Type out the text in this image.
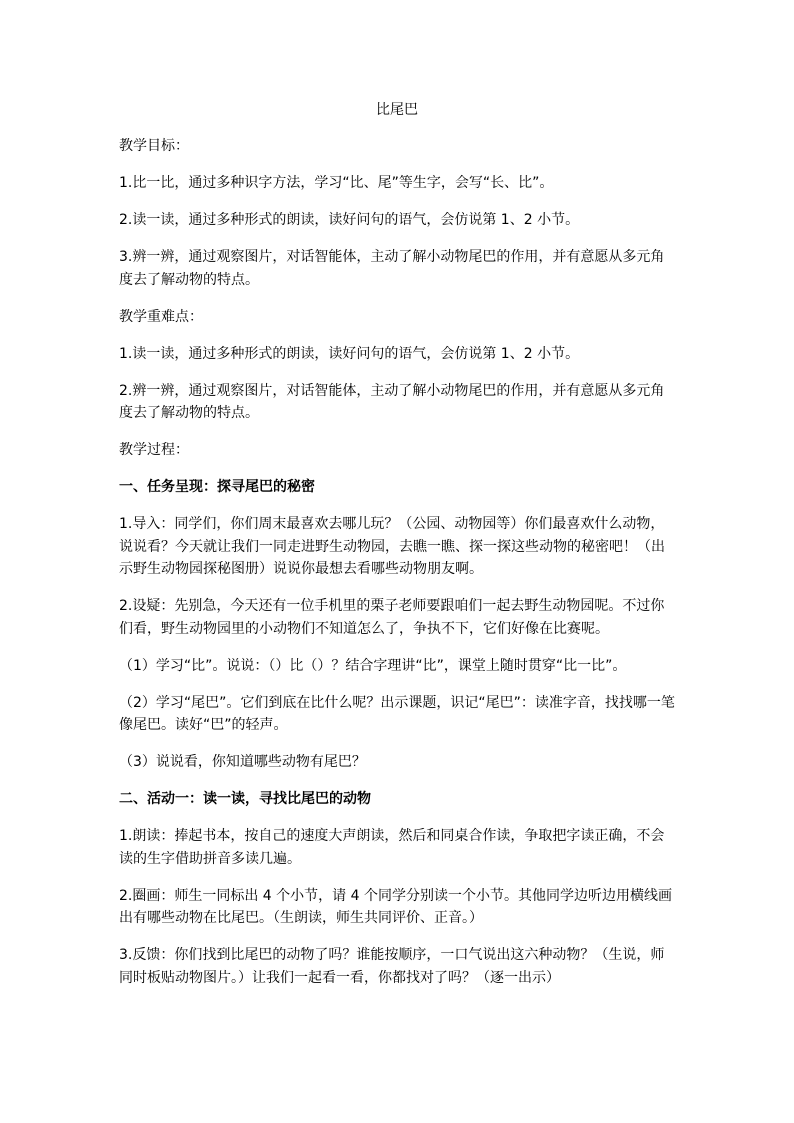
比尾巴

教学目标：

1.比一比，通过多种识字方法，学习“比、尾”等生字，会写“长、比”。

2.读一读，通过多种形式的朗读，读好问句的语气，会仿说第 1、2 小节。

3.辨一辨，通过观察图片，对话智能体，主动了解小动物尾巴的作用，并有意愿从多元角度去了解动物的特点。

教学重难点：

1.读一读，通过多种形式的朗读，读好问句的语气，会仿说第 1、2 小节。

2.辨一辨，通过观察图片，对话智能体，主动了解小动物尾巴的作用，并有意愿从多元角度去了解动物的特点。

教学过程：

一、任务呈现：探寻尾巴的秘密

1.导入：同学们，你们周末最喜欢去哪儿玩？（公园、动物园等）你们最喜欢什么动物，说说看？今天就让我们一同走进野生动物园，去瞧一瞧、探一探这些动物的秘密吧！（出示野生动物园探秘图册）说说你最想去看哪些动物朋友啊。

2.设疑：先别急，今天还有一位手机里的栗子老师要跟咱们一起去野生动物园呢。不过你们看，野生动物园里的小动物们不知道怎么了，争执不下，它们好像在比赛呢。

（1）学习“比”。说说：（）比（）？结合字理讲“比”，课堂上随时贯穿“比一比”。

（2）学习“尾巴”。它们到底在比什么呢？出示课题，识记“尾巴”：读准字音，找找哪一笔像尾巴。读好“巴”的轻声。

（3）说说看，你知道哪些动物有尾巴？

二、活动一：读一读，寻找比尾巴的动物

1.朗读：捧起书本，按自己的速度大声朗读，然后和同桌合作读，争取把字读正确，不会读的生字借助拼音多读几遍。

2.圈画：师生一同标出 4 个小节，请 4 个同学分别读一个小节。其他同学边听边用横线画出有哪些动物在比尾巴。（生朗读，师生共同评价、正音。）

3.反馈：你们找到比尾巴的动物了吗？谁能按顺序，一口气说出这六种动物？（生说，师同时板贴动物图片。）让我们一起看一看，你都找对了吗？（逐一出示）
